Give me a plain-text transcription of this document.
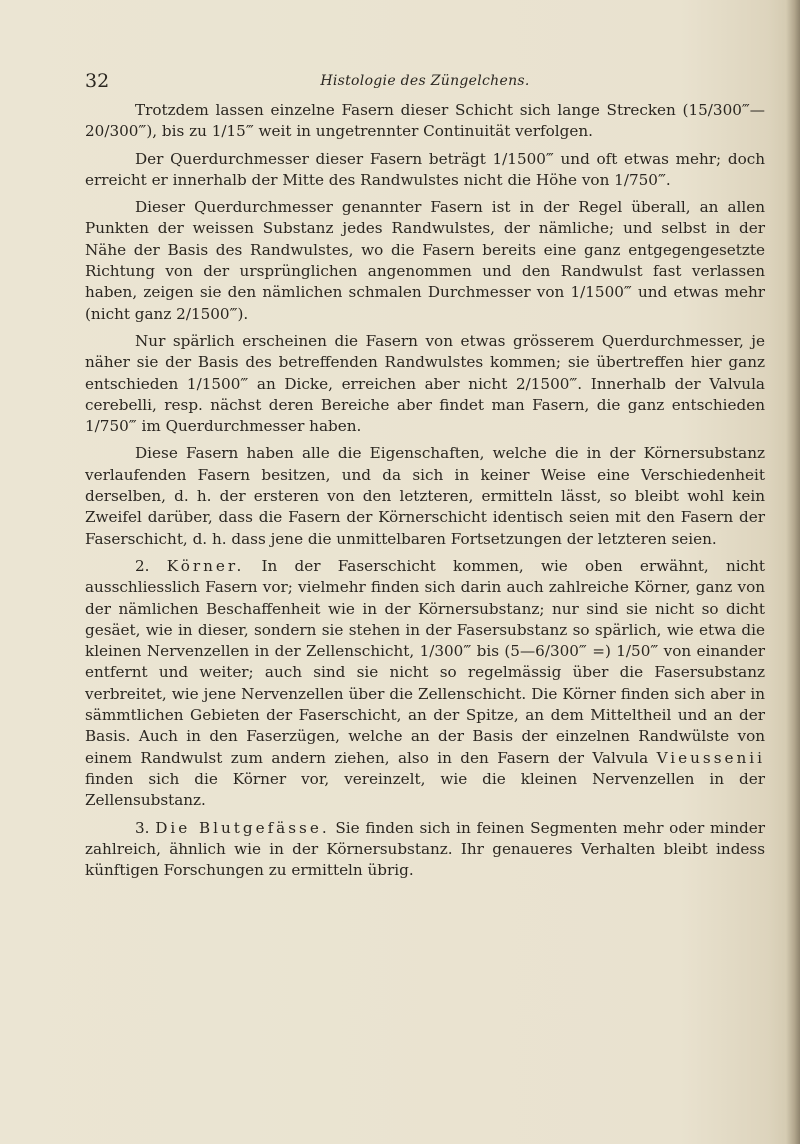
32	Histologie des Züngelchens.

Trotzdem lassen einzelne Fasern dieser Schicht sich lange Strecken (15/300‴—20/300‴), bis zu 1/15‴ weit in ungetrennter Continuität verfolgen.

Der Querdurchmesser dieser Fasern beträgt 1/1500‴ und oft etwas mehr; doch erreicht er innerhalb der Mitte des Randwulstes nicht die Höhe von 1/750‴.

Dieser Querdurchmesser genannter Fasern ist in der Regel überall, an allen Punkten der weissen Substanz jedes Randwulstes, der nämliche; und selbst in der Nähe der Basis des Randwulstes, wo die Fasern bereits eine ganz entgegengesetzte Richtung von der ursprünglichen angenommen und den Randwulst fast verlassen haben, zeigen sie den nämlichen schmalen Durchmesser von 1/1500‴ und etwas mehr (nicht ganz 2/1500‴).

Nur spärlich erscheinen die Fasern von etwas grösserem Querdurchmesser, je näher sie der Basis des betreffenden Randwulstes kommen; sie übertreffen hier ganz entschieden 1/1500‴ an Dicke, erreichen aber nicht 2/1500‴. Innerhalb der Valvula cerebelli, resp. nächst deren Bereiche aber findet man Fasern, die ganz entschieden 1/750‴ im Querdurchmesser haben.

Diese Fasern haben alle die Eigenschaften, welche die in der Körnersubstanz verlaufenden Fasern besitzen, und da sich in keiner Weise eine Verschiedenheit derselben, d. h. der ersteren von den letzteren, ermitteln lässt, so bleibt wohl kein Zweifel darüber, dass die Fasern der Körnerschicht identisch seien mit den Fasern der Faserschicht, d. h. dass jene die unmittelbaren Fortsetzungen der letzteren seien.

2. Körner. In der Faserschicht kommen, wie oben erwähnt, nicht ausschliesslich Fasern vor; vielmehr finden sich darin auch zahlreiche Körner, ganz von der nämlichen Beschaffenheit wie in der Körnersubstanz; nur sind sie nicht so dicht gesäet, wie in dieser, sondern sie stehen in der Fasersubstanz so spärlich, wie etwa die kleinen Nervenzellen in der Zellenschicht, 1/300‴ bis (5—6/300‴ =) 1/50‴ von einander entfernt und weiter; auch sind sie nicht so regelmässig über die Fasersubstanz verbreitet, wie jene Nervenzellen über die Zellenschicht. Die Körner finden sich aber in sämmtlichen Gebieten der Faserschicht, an der Spitze, an dem Mitteltheil und an der Basis. Auch in den Faserzügen, welche an der Basis der einzelnen Randwülste von einem Randwulst zum andern ziehen, also in den Fasern der Valvula Vieussenii finden sich die Körner vor, vereinzelt, wie die kleinen Nervenzellen in der Zellensubstanz.

3. Die Blutgefässe. Sie finden sich in feinen Segmenten mehr oder minder zahlreich, ähnlich wie in der Körnersubstanz. Ihr genaueres Verhalten bleibt indess künftigen Forschungen zu ermitteln übrig.
